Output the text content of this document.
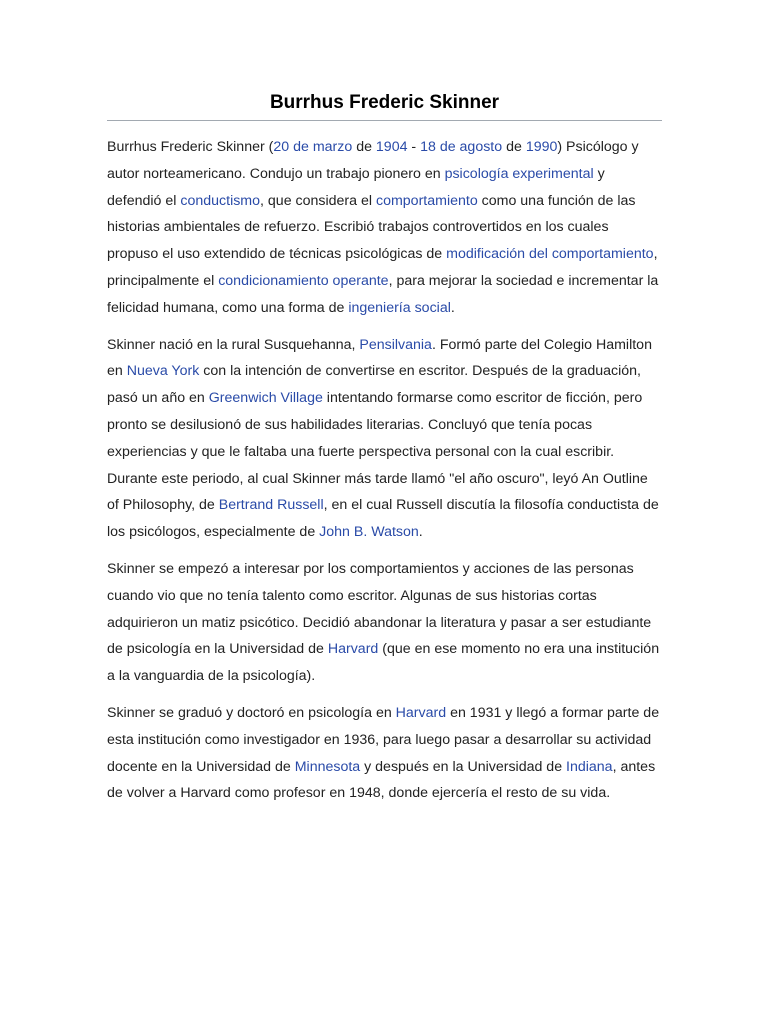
Burrhus Frederic Skinner

Burrhus Frederic Skinner (20 de marzo de 1904 - 18 de agosto de 1990) Psicólogo y autor norteamericano. Condujo un trabajo pionero en psicología experimental y defendió el conductismo, que considera el comportamiento como una función de las historias ambientales de refuerzo. Escribió trabajos controvertidos en los cuales propuso el uso extendido de técnicas psicológicas de modificación del comportamiento, principalmente el condicionamiento operante, para mejorar la sociedad e incrementar la felicidad humana, como una forma de ingeniería social.

Skinner nació en la rural Susquehanna, Pensilvania. Formó parte del Colegio Hamilton en Nueva York con la intención de convertirse en escritor. Después de la graduación, pasó un año en Greenwich Village intentando formarse como escritor de ficción, pero pronto se desilusionó de sus habilidades literarias. Concluyó que tenía pocas experiencias y que le faltaba una fuerte perspectiva personal con la cual escribir. Durante este periodo, al cual Skinner más tarde llamó "el año oscuro", leyó An Outline of Philosophy, de Bertrand Russell, en el cual Russell discutía la filosofía conductista de los psicólogos, especialmente de John B. Watson.

Skinner se empezó a interesar por los comportamientos y acciones de las personas cuando vio que no tenía talento como escritor. Algunas de sus historias cortas adquirieron un matiz psicótico. Decidió abandonar la literatura y pasar a ser estudiante de psicología en la Universidad de Harvard (que en ese momento no era una institución a la vanguardia de la psicología).

Skinner se graduó y doctoró en psicología en Harvard en 1931 y llegó a formar parte de esta institución como investigador en 1936, para luego pasar a desarrollar su actividad docente en la Universidad de Minnesota y después en la Universidad de Indiana, antes de volver a Harvard como profesor en 1948, donde ejercería el resto de su vida.
